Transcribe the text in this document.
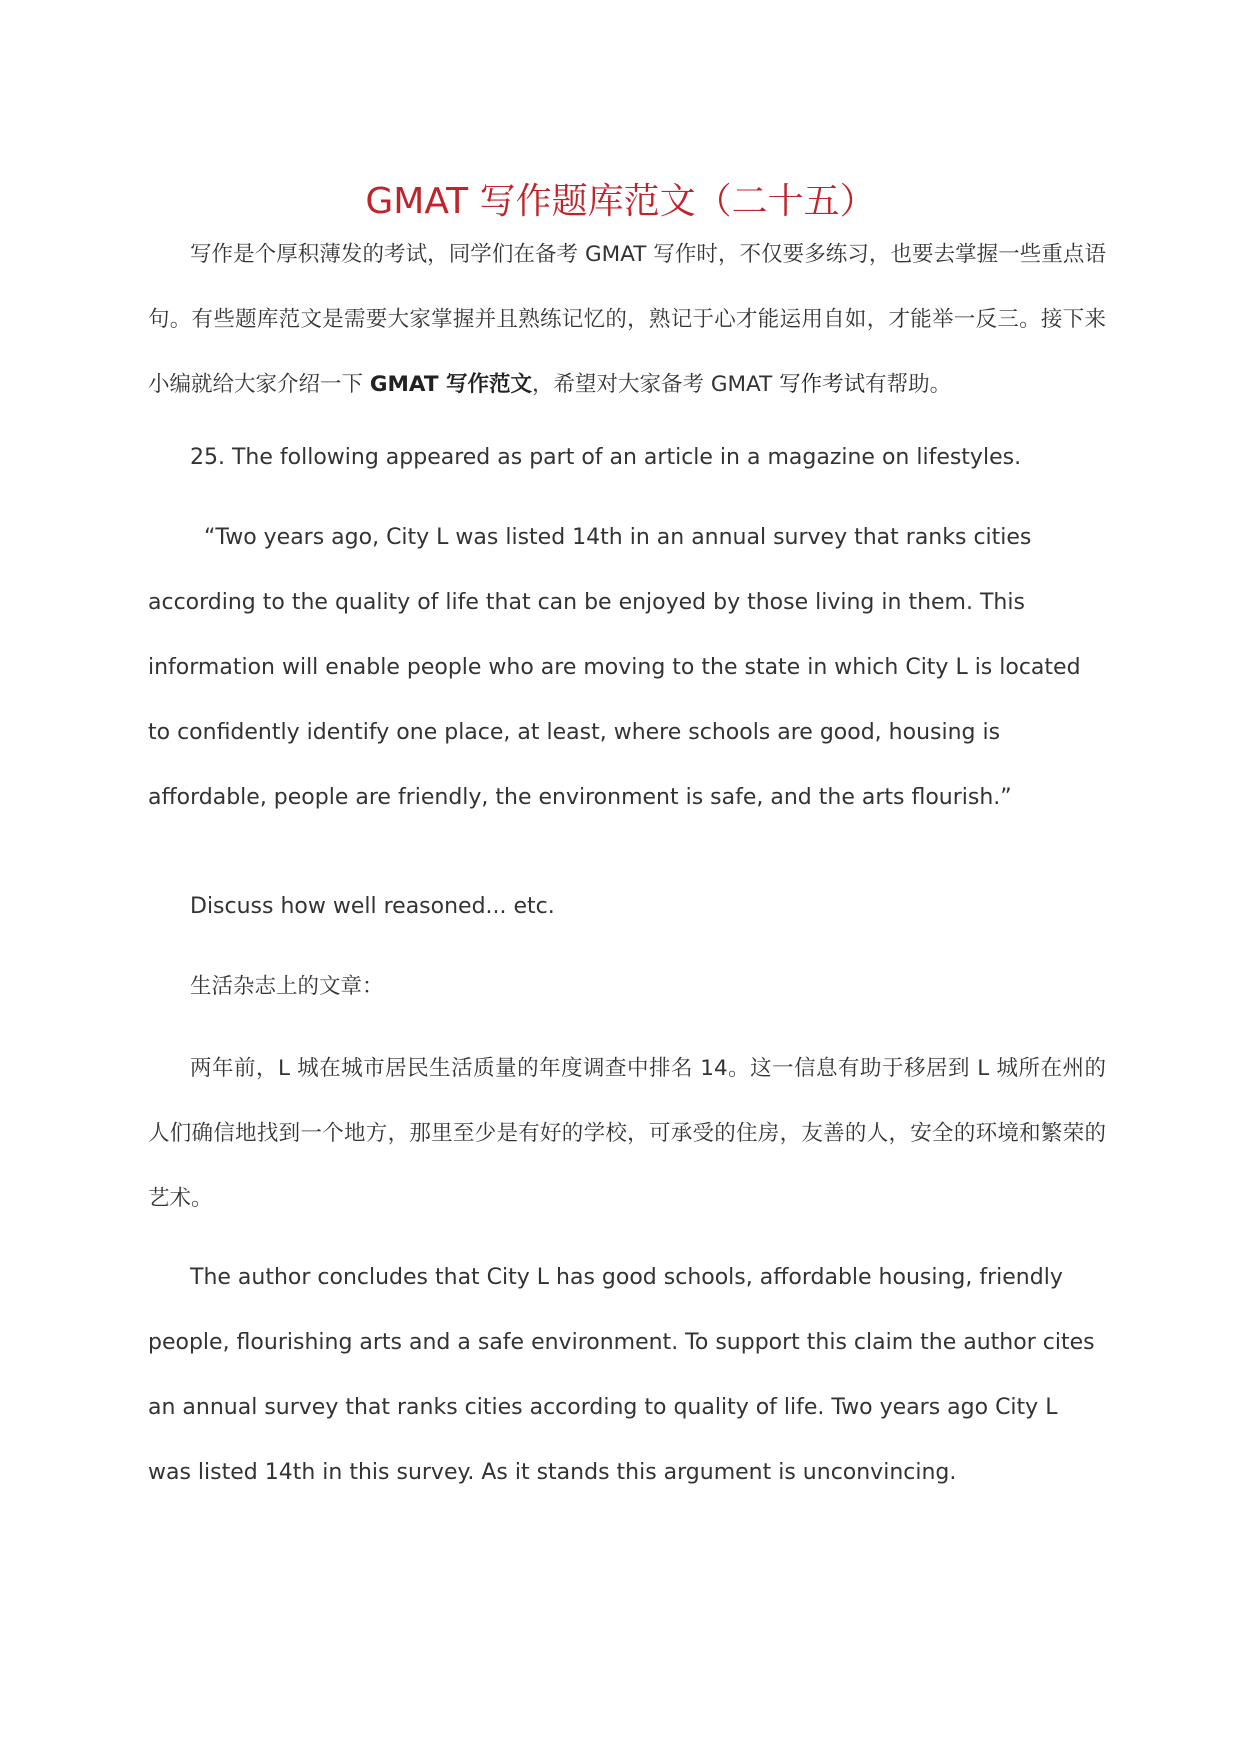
GMAT 写作题库范文（二十五）

写作是个厚积薄发的考试，同学们在备考 GMAT 写作时，不仅要多练习，也要去掌握一些重点语句。有些题库范文是需要大家掌握并且熟练记忆的，熟记于心才能运用自如，才能举一反三。接下来小编就给大家介绍一下 GMAT 写作范文，希望对大家备考 GMAT 写作考试有帮助。

25. The following appeared as part of an article in a magazine on lifestyles.

“Two years ago, City L was listed 14th in an annual survey that ranks cities according to the quality of life that can be enjoyed by those living in them. This information will enable people who are moving to the state in which City L is located to confidently identify one place, at least, where schools are good, housing is affordable, people are friendly, the environment is safe, and the arts flourish.”

Discuss how well reasoned... etc.

生活杂志上的文章：

两年前，L 城在城市居民生活质量的年度调查中排名 14。这一信息有助于移居到 L 城所在州的人们确信地找到一个地方，那里至少是有好的学校，可承受的住房，友善的人，安全的环境和繁荣的艺术。

The author concludes that City L has good schools, affordable housing, friendly people, flourishing arts and a safe environment. To support this claim the author cites an annual survey that ranks cities according to quality of life. Two years ago City L was listed 14th in this survey. As it stands this argument is unconvincing.
